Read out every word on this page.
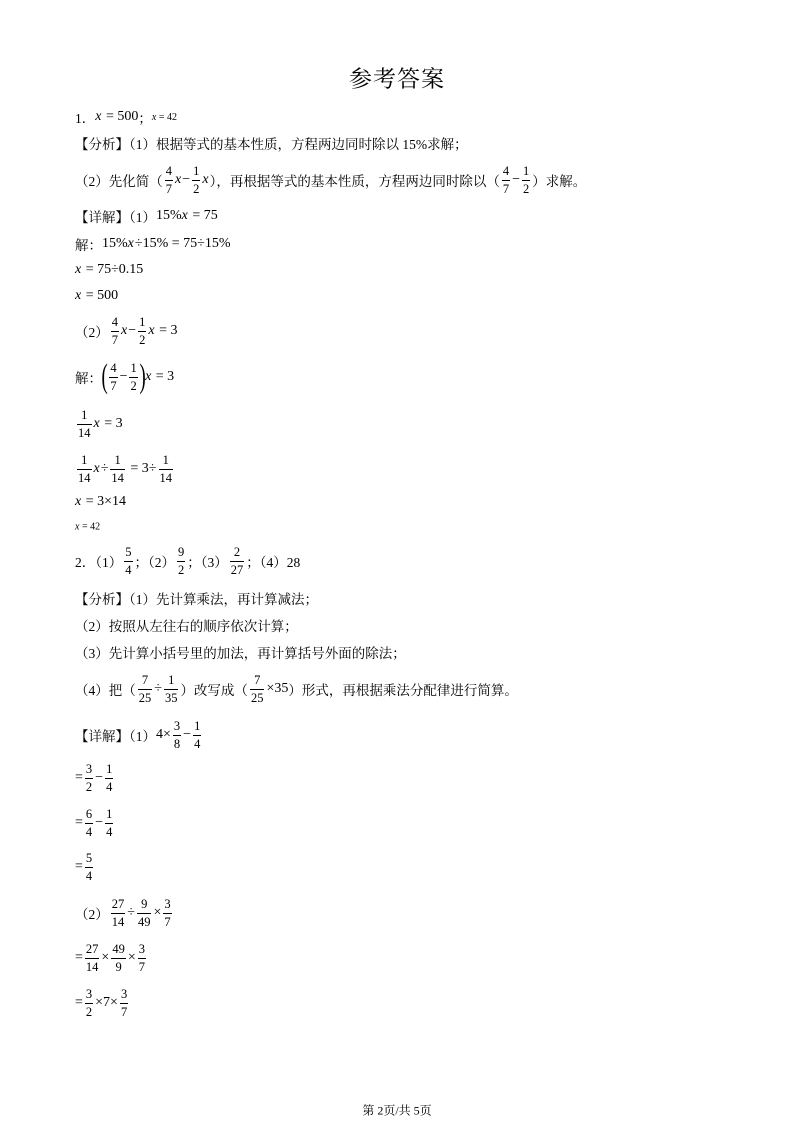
参考答案
1． x = 500 ； x = 42
【分析】（1）根据等式的基本性质，方程两边同时除以 15%求解；
（2）先化简（ $\frac{4}{7}$ $x - \frac{1}{2}$ x ），再根据等式的基本性质，方程两边同时除以（ $\frac{4}{7} - \frac{1}{2}$ ）求解。
【详解】（1） 15% x = 75
解： 15% x ÷15% = 75÷15%
x = 75÷0.15
x = 500
$(2) \frac{4}{7}$ $x - \frac{1}{2}$ x = 3
解： ( $\frac{4}{7} - \frac{1}{2}$ ) x = 3
$\frac{1}{14}$ x = 3
$\frac{1}{14}$ $x \div \frac{1}{14} = 3\div \frac{1}{14}$
x = 3×14
x = 42
2．$(1) \frac{5}{4}$ ；$(2) \frac{9}{2}$ ；$(3) \frac{2}{27}$ ；（4）28
【分析】（1）先计算乘法，再计算减法；
（2）按照从左往右的顺序依次计算；
（3）先计算小括号里的加法，再计算括号外面的除法；
（4）把（ $\frac{7}{25} \div \frac{1}{35}$ ）改写成（ $\frac{7}{25} \times 35$ ）形式，再根据乘法分配律进行简算。
【详解】（1） $4\times \frac{3}{8} - \frac{1}{4}$
= $\frac{3}{2} - \frac{1}{4}$
= $\frac{6}{4} - \frac{1}{4}$
= $\frac{5}{4}$
$(2) \frac{27}{14} \div \frac{9}{49} \times \frac{3}{7}$
= $\frac{27}{14} \times \frac{49}{9} \times \frac{3}{7}$
= $\frac{3}{2} \times 7\times \frac{3}{7}$
第 2页/共 5页
